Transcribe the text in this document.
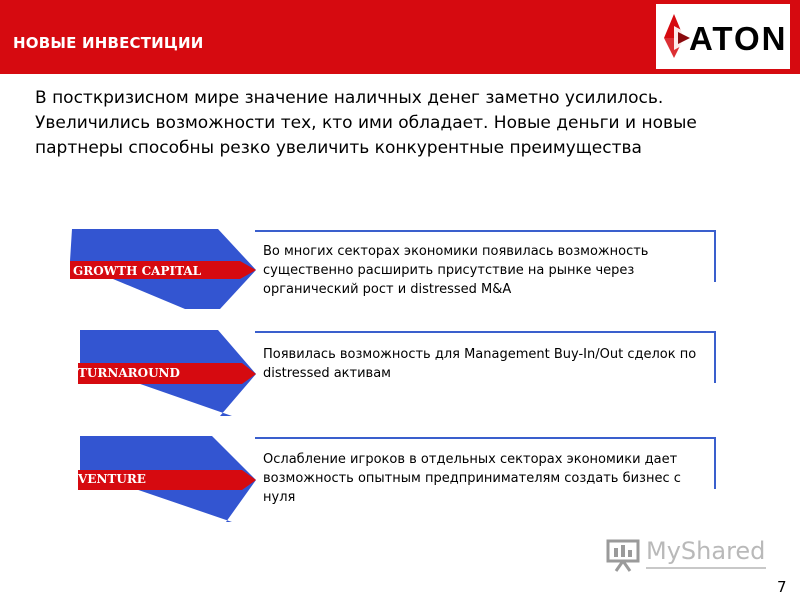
НОВЫЕ ИНВЕСТИЦИИ	ATON
В посткризисном мире значение наличных денег заметно усилилось. Увеличились возможности тех, кто ими обладает. Новые деньги и новые партнеры способны резко увеличить конкурентные преимущества
GROWTH CAPITAL
Во многих секторах экономики появилась возможность существенно расширить присутствие на рынке через органический рост и distressed M&A
TURNAROUND
Появилась возможность для Management Buy-In/Out сделок по distressed активам
VENTURE
Ослабление игроков в отдельных секторах экономики дает возможность опытным предпринимателям создать бизнес с нуля
MyShared
7
